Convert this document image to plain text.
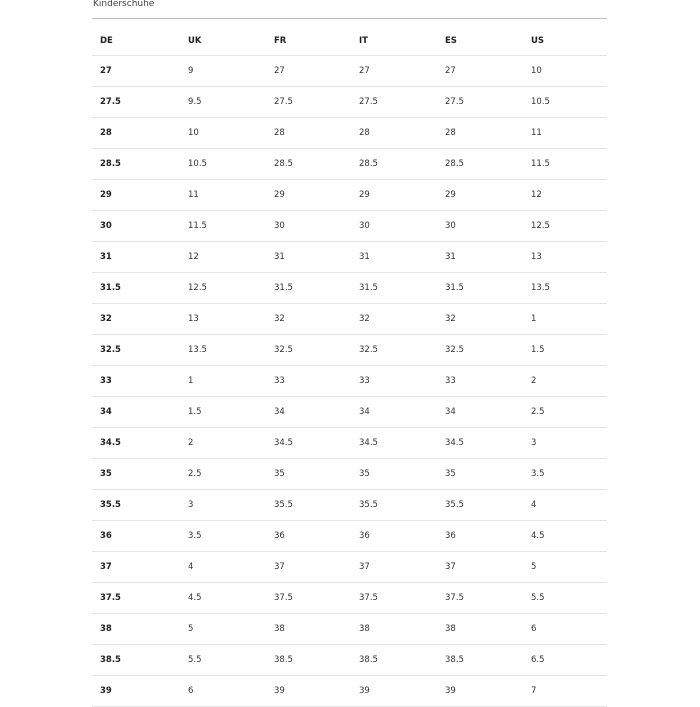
Kinderschuhe
DE	UK	FR	IT	ES	US
27	9	27	27	27	10
27.5	9.5	27.5	27.5	27.5	10.5
28	10	28	28	28	11
28.5	10.5	28.5	28.5	28.5	11.5
29	11	29	29	29	12
30	11.5	30	30	30	12.5
31	12	31	31	31	13
31.5	12.5	31.5	31.5	31.5	13.5
32	13	32	32	32	1
32.5	13.5	32.5	32.5	32.5	1.5
33	1	33	33	33	2
34	1.5	34	34	34	2.5
34.5	2	34.5	34.5	34.5	3
35	2.5	35	35	35	3.5
35.5	3	35.5	35.5	35.5	4
36	3.5	36	36	36	4.5
37	4	37	37	37	5
37.5	4.5	37.5	37.5	37.5	5.5
38	5	38	38	38	6
38.5	5.5	38.5	38.5	38.5	6.5
39	6	39	39	39	7
